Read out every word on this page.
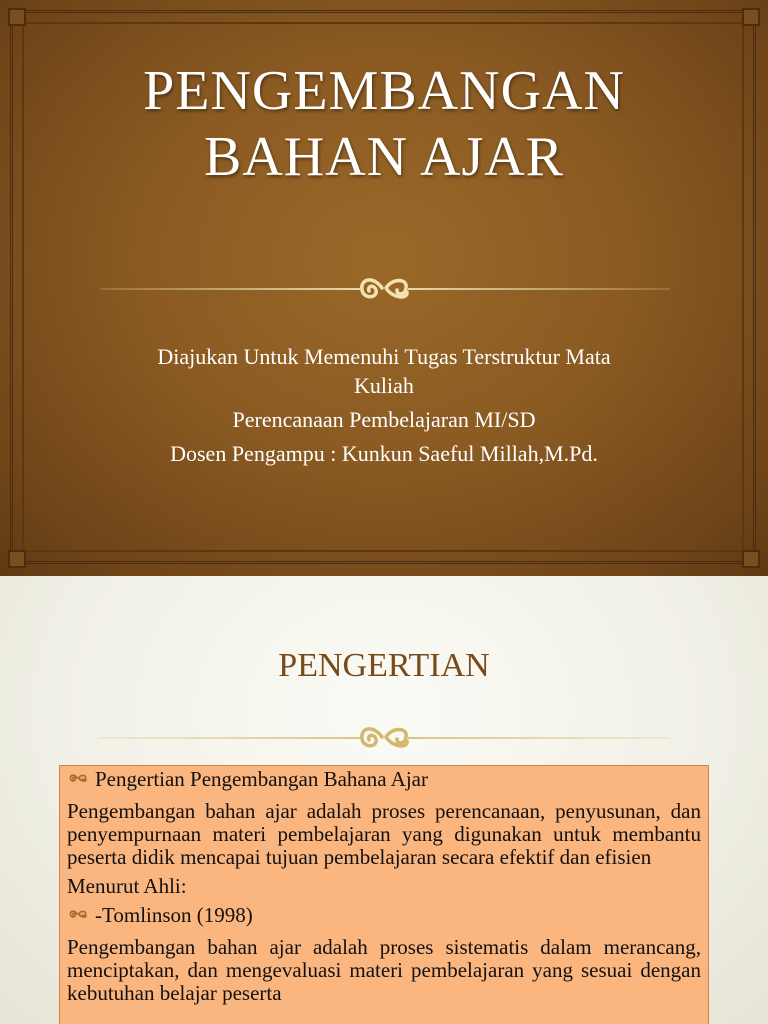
PENGEMBANGAN
BAHAN AJAR
Diajukan Untuk Memenuhi Tugas Terstruktur Mata
Kuliah
Perencanaan Pembelajaran MI/SD
Dosen Pengampu : Kunkun Saeful Millah,M.Pd.
PENGERTIAN
Pengertian Pengembangan Bahana Ajar

Pengembangan bahan ajar adalah proses perencanaan, penyusunan, dan penyempurnaan materi pembelajaran yang digunakan untuk membantu peserta didik mencapai tujuan pembelajaran secara efektif dan efisien

Menurut Ahli:

-Tomlinson (1998)

Pengembangan bahan ajar adalah proses sistematis dalam merancang, menciptakan, dan mengevaluasi materi pembelajaran yang sesuai dengan kebutuhan belajar peserta
